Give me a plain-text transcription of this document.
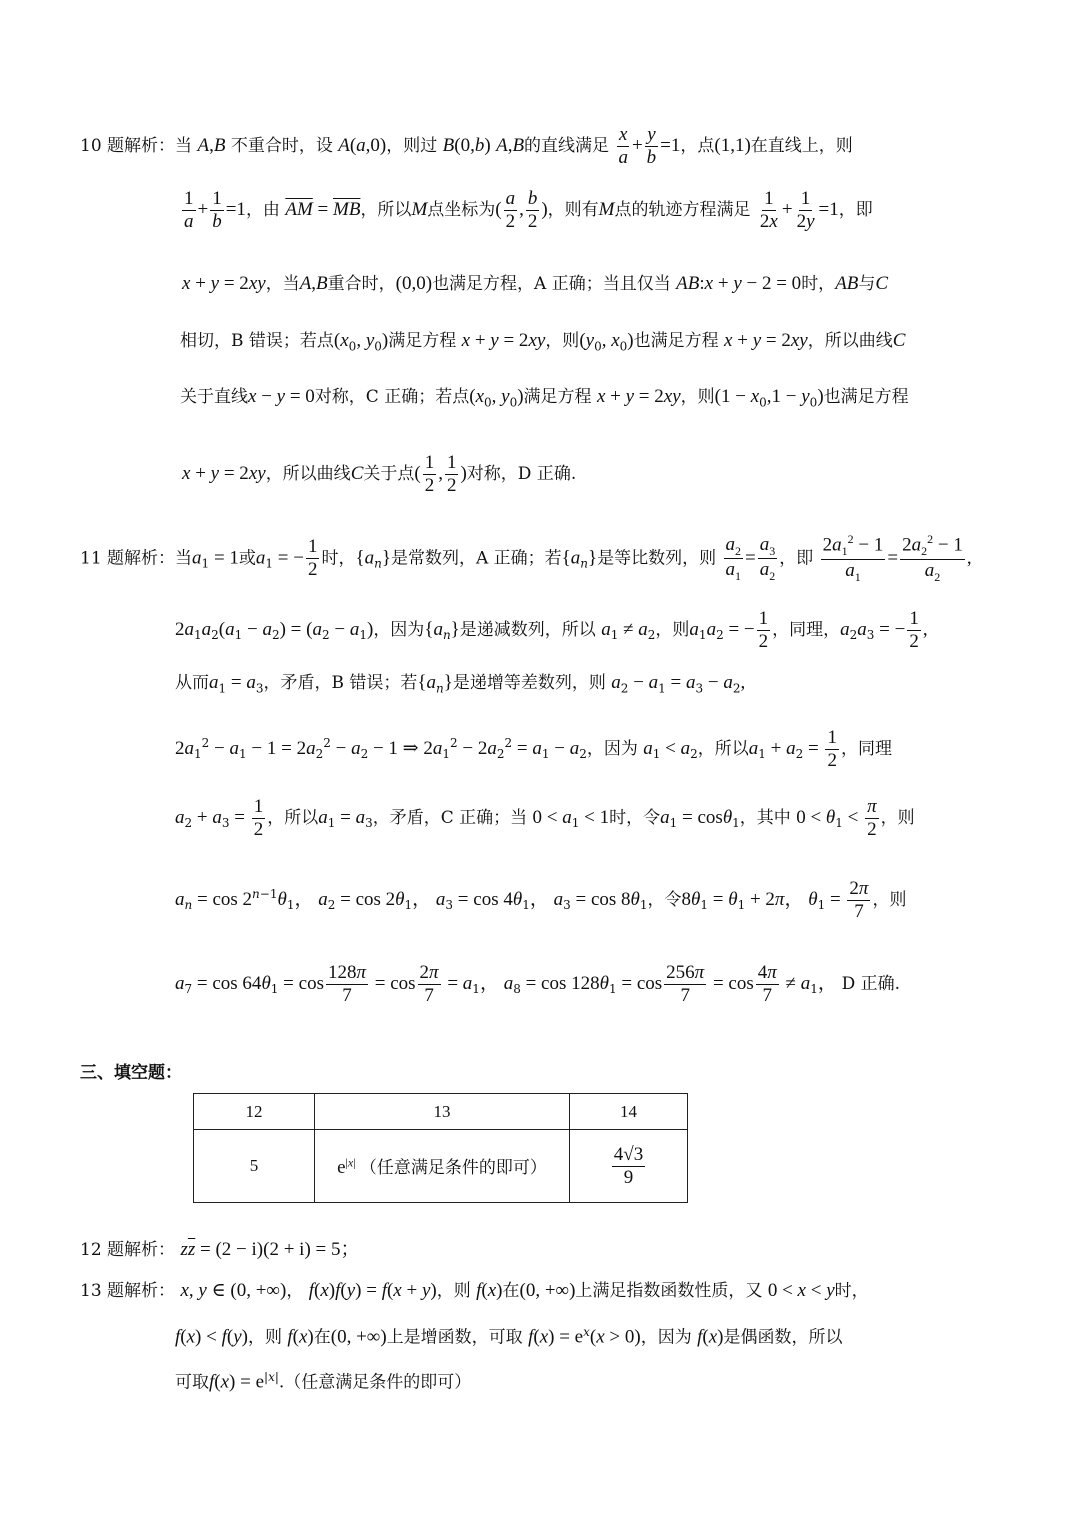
10 题解析：当 A,B 不重合时，设 A(a,0)，则过 B(0,b) A,B的直线满足 $\frac{x}{a} + \frac{y}{b} =1$，点(1,1)在直线上，则
$\frac{1}{a} + \frac{1}{b} =1$，由 $\overline{AM} = \overline{MB}$，所以M点坐标为( $\frac{a}{2}$ , $\frac{b}{2}$ )，则有M点的轨迹方程满足 $\frac{1}{2x} + \frac{1}{2y} =1$，即
x + y = 2xy，当A,B重合时，(0,0)也满足方程，A 正确；当且仅当 AB:x + y − 2 = 0时，AB与C
相切，B 错误；若点($x_0$, $y_0$)满足方程 x + y = 2xy，则($y_0$, $x_0$)也满足方程 x + y = 2xy，所以曲线C
关于直线x − y = 0对称，C 正确；若点($x_0$, $y_0$)满足方程 x + y = 2xy，则$(1 - x_0,1 - y_0)$也满足方程
x + y = 2xy，所以曲线C关于点( $\frac{1}{2}$ , $\frac{1}{2}$ )对称，D 正确.
11 题解析：当$a_1 = 1$或$a_1$ = − $\frac{1}{2}$ 时，$\{a_n\}$是常数列，A 正确；若$\{a_n\}$是等比数列，则 $\frac{a_2}{a_1} = \frac{a_3}{a_2}$ ，即 $\frac{2a_1^2 - 1}{a_1} = \frac{2a_2^2 - 1}{a_2}$ ,
$2a_1a_2(a_1 - a_2) = (a_2 - a_1)$，因为$\{a_n\}$是递减数列，所以 $a_1 \ne a_2$，则$a_1a_2$ = − $\frac{1}{2}$ ，同理，$a_2a_3$ = − $\frac{1}{2}$ ,
从而$a_1 = a_3$，矛盾，B 错误；若$\{a_n\}$是递增等差数列，则 $a_2 - a_1 = a_3 - a_2$,
$2a_1^2 - a_1 - 1 = 2a_2^2 - a_2 - 1$ ⇒ $2a_1^2 - 2a_2^2 = a_1 - a_2$，因为 $a_1 < a_2$，所以$a_1 + a_2 = \frac{1}{2}$ ，同理
$a_2 + a_3 = \frac{1}{2}$ ，所以$a_1 = a_3$，矛盾，C 正确；当 $0 < a_1 < 1$时，令$a_1 = \cos\theta_1$，其中 $0 < \theta_1 < \frac{\pi}{2}$ ，则
$a_n = \cos 2^{n-1}\theta_1$， $a_2 = \cos 2\theta_1$， $a_3 = \cos 4\theta_1$， $a_3 = \cos 8\theta_1$，令$8\theta_1 = \theta_1 + 2\pi$， $\theta_1 = \frac{2\pi}{7}$ ，则
$a_7 = \cos 64\theta_1 = \cos \frac{128\pi}{7} = \cos \frac{2\pi}{7} = a_1$， $a_8 = \cos 128\theta_1 = \cos \frac{256\pi}{7} = \cos \frac{4\pi}{7} \ne a_1$， D 正确.
三、填空题：
12	13	14
5	$e^{|x|}$ （任意满足条件的即可）	$\frac{4√3}{9}$
12 题解析： $z\overline{z} = (2 - i)(2 + i) = 5$；
13 题解析： x, y ∈ (0, +∞)， f(x)f(y) = f(x + y)，则 f(x)在(0, +∞)上满足指数函数性质，又 0 < x < y时，
f(x) < f(y)，则 f(x)在(0, +∞)上是增函数，可取 $f(x) = e^x(x > 0)$，因为 f(x)是偶函数，所以
可取$f(x) = e^{|x|}$.（任意满足条件的即可）
